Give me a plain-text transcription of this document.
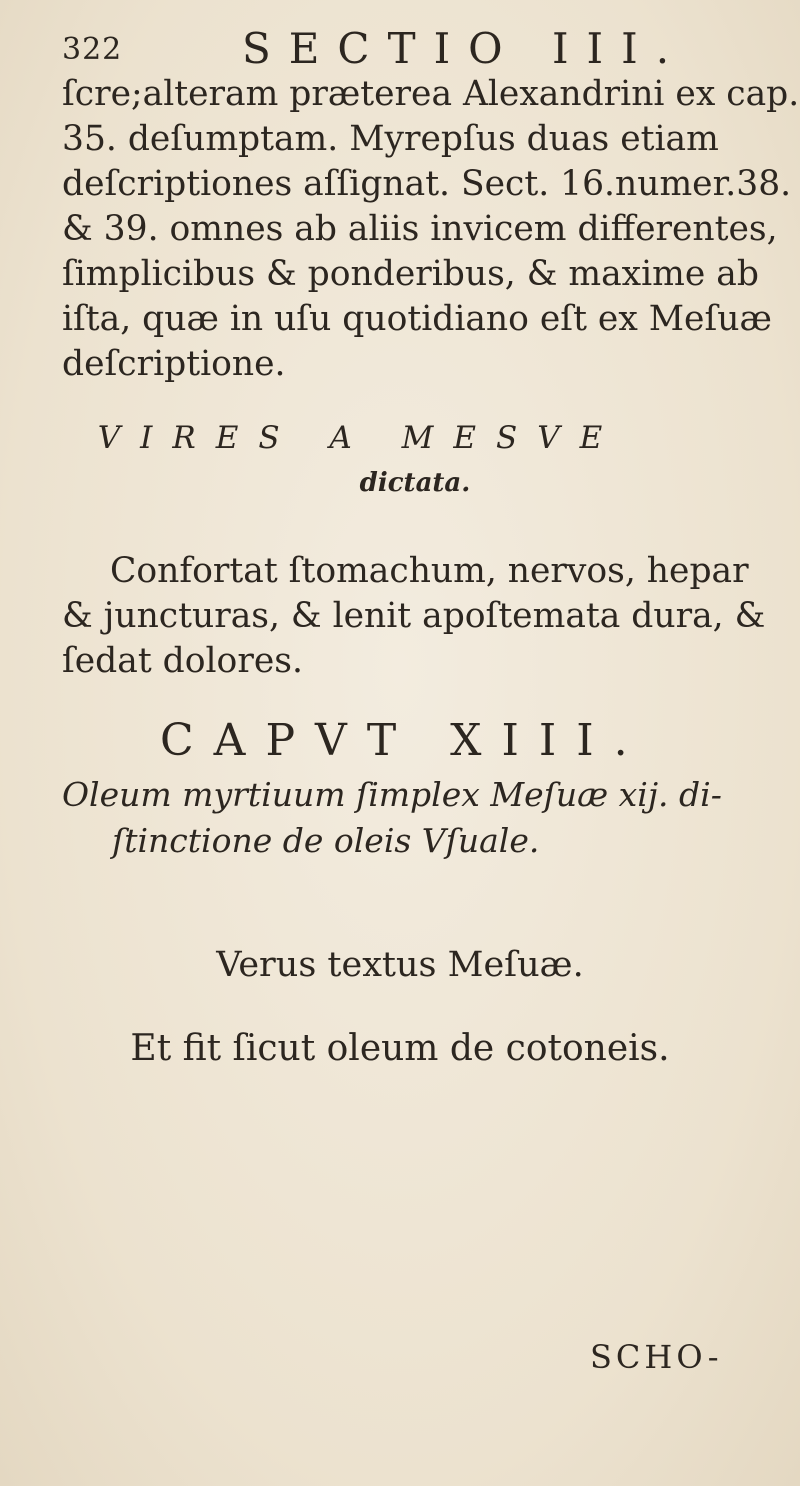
322	SECTIO III.
ſcre;alteram præterea Alexandrini ex cap.
35. deſumptam. Myrepſus duas etiam
deſcriptiones aſſignat. Sect. 16.numer.38.
& 39. omnes ab aliis invicem differentes,
ſimplicibus & ponderibus, & maxime ab
iſta, quæ in uſu quotidiano eſt ex Meſuæ
deſcriptione.
VIRES A MESVE
dictata.
Confortat ſtomachum, nervos, hepar
& juncturas, & lenit apoſtemata dura, &
ſedat dolores.
CAPVT XIII.
Oleum myrtiuum ſimplex Meſuæ xij. di-
ſtinctione de oleis Vſuale.
Verus textus Meſuæ.
Et fit ſicut oleum de cotoneis.
SCHO-
